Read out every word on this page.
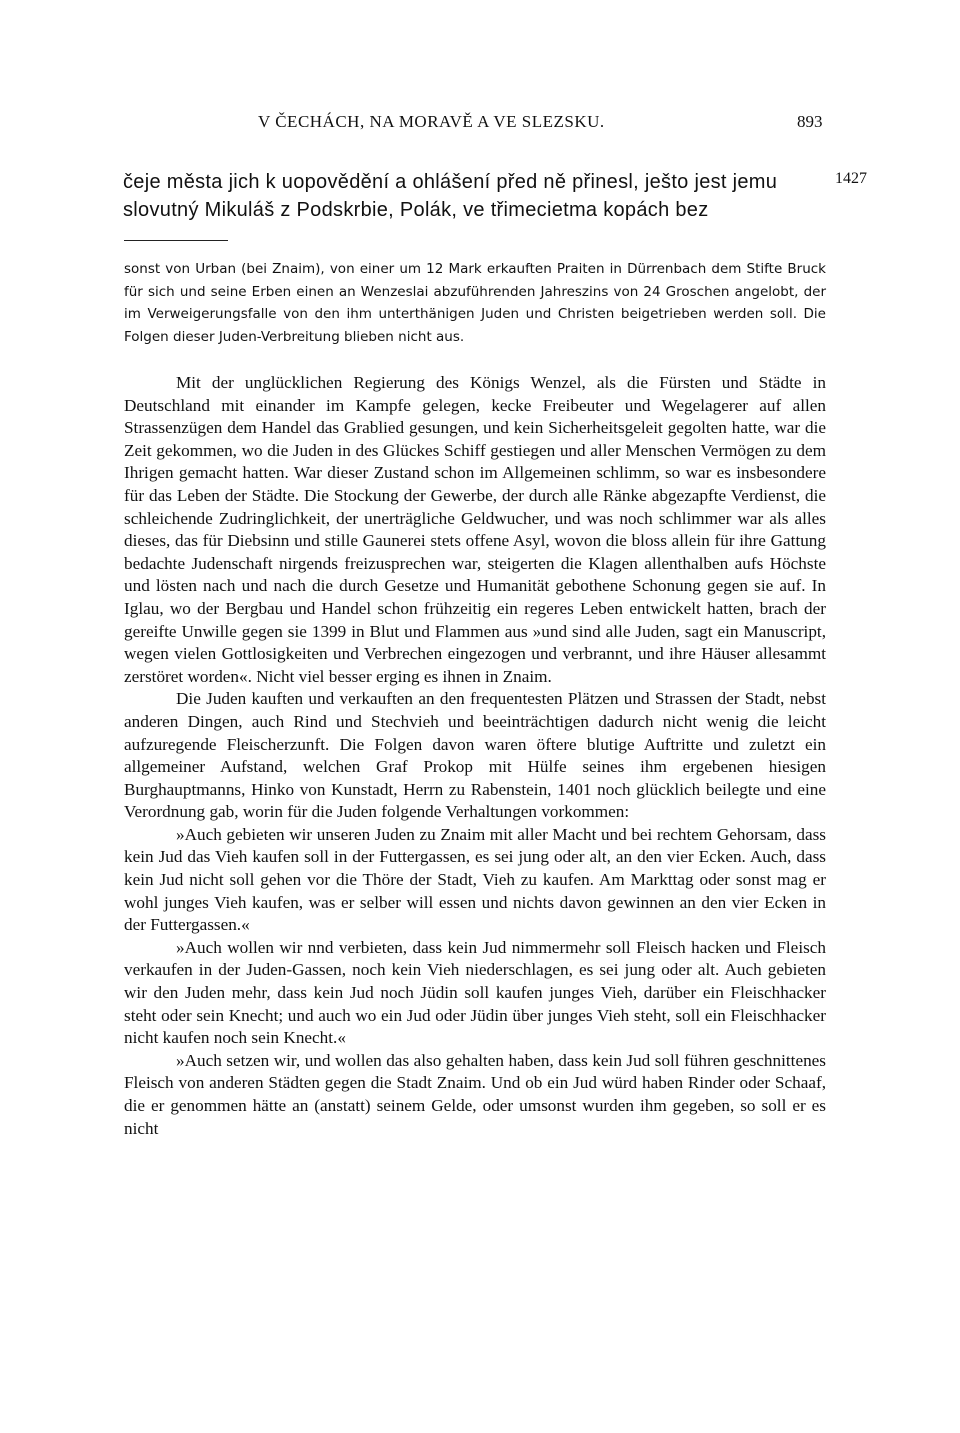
V ČECHÁCH, NA MORAVĚ A VE SLEZSKU.	893
čeje města jich k uopovědění a ohlášení před ně přinesl, ješto jest jemu
slovutný Mikuláš z Podskrbie, Polák, ve třimecietma kopách bez
1427

sonst von Urban (bei Znaim), von einer um 12 Mark erkauften Praiten in Dürrenbach dem Stifte Bruck für sich und seine Erben einen an Wenzeslai abzuführenden Jahreszins von 24 Groschen angelobt, der im Verweigerungsfalle von den ihm unterthänigen Juden und Christen beigetrieben werden soll. Die Folgen dieser Juden-Verbreitung blieben nicht aus.

Mit der unglücklichen Regierung des Königs Wenzel, als die Fürsten und Städte in Deutschland mit einander im Kampfe gelegen, kecke Freibeuter und Wegelagerer auf allen Strassenzügen dem Handel das Grablied gesungen, und kein Sicherheitsgeleit gegolten hatte, war die Zeit gekommen, wo die Juden in des Glückes Schiff gestiegen und aller Menschen Vermögen zu dem Ihrigen gemacht hatten. War dieser Zustand schon im Allgemeinen schlimm, so war es insbesondere für das Leben der Städte. Die Stockung der Gewerbe, der durch alle Ränke abgezapfte Verdienst, die schleichende Zudringlichkeit, der unerträgliche Geldwucher, und was noch schlimmer war als alles dieses, das für Diebsinn und stille Gaunerei stets offene Asyl, wovon die bloss allein für ihre Gattung bedachte Judenschaft nirgends freizusprechen war, steigerten die Klagen allenthalben aufs Höchste und lösten nach und nach die durch Gesetze und Humanität gebothene Schonung gegen sie auf. In Iglau, wo der Bergbau und Handel schon frühzeitig ein regeres Leben entwickelt hatten, brach der gereifte Unwille gegen sie 1399 in Blut und Flammen aus »und sind alle Juden, sagt ein Manuscript, wegen vielen Gottlosigkeiten und Verbrechen eingezogen und verbrannt, und ihre Häuser allesammt zerstöret worden«. Nicht viel besser erging es ihnen in Znaim.

Die Juden kauften und verkauften an den frequentesten Plätzen und Strassen der Stadt, nebst anderen Dingen, auch Rind und Stechvieh und beeinträchtigen dadurch nicht wenig die leicht aufzuregende Fleischerzunft. Die Folgen davon waren öftere blutige Auftritte und zuletzt ein allgemeiner Aufstand, welchen Graf Prokop mit Hülfe seines ihm ergebenen hiesigen Burghauptmanns, Hinko von Kunstadt, Herrn zu Rabenstein, 1401 noch glücklich beilegte und eine Verordnung gab, worin für die Juden folgende Verhaltungen vorkommen:

»Auch gebieten wir unseren Juden zu Znaim mit aller Macht und bei rechtem Gehorsam, dass kein Jud das Vieh kaufen soll in der Futtergassen, es sei jung oder alt, an den vier Ecken. Auch, dass kein Jud nicht soll gehen vor die Thöre der Stadt, Vieh zu kaufen. Am Markttag oder sonst mag er wohl junges Vieh kaufen, was er selber will essen und nichts davon gewinnen an den vier Ecken in der Futtergassen.«

»Auch wollen wir nnd verbieten, dass kein Jud nimmermehr soll Fleisch hacken und Fleisch verkaufen in der Juden-Gassen, noch kein Vieh niederschlagen, es sei jung oder alt. Auch gebieten wir den Juden mehr, dass kein Jud noch Jüdin soll kaufen junges Vieh, darüber ein Fleischhacker steht oder sein Knecht; und auch wo ein Jud oder Jüdin über junges Vieh steht, soll ein Fleischhacker nicht kaufen noch sein Knecht.«

»Auch setzen wir, und wollen das also gehalten haben, dass kein Jud soll führen geschnittenes Fleisch von anderen Städten gegen die Stadt Znaim. Und ob ein Jud würd haben Rinder oder Schaaf, die er genommen hätte an (anstatt) seinem Gelde, oder umsonst wurden ihm gegeben, so soll er es nicht
